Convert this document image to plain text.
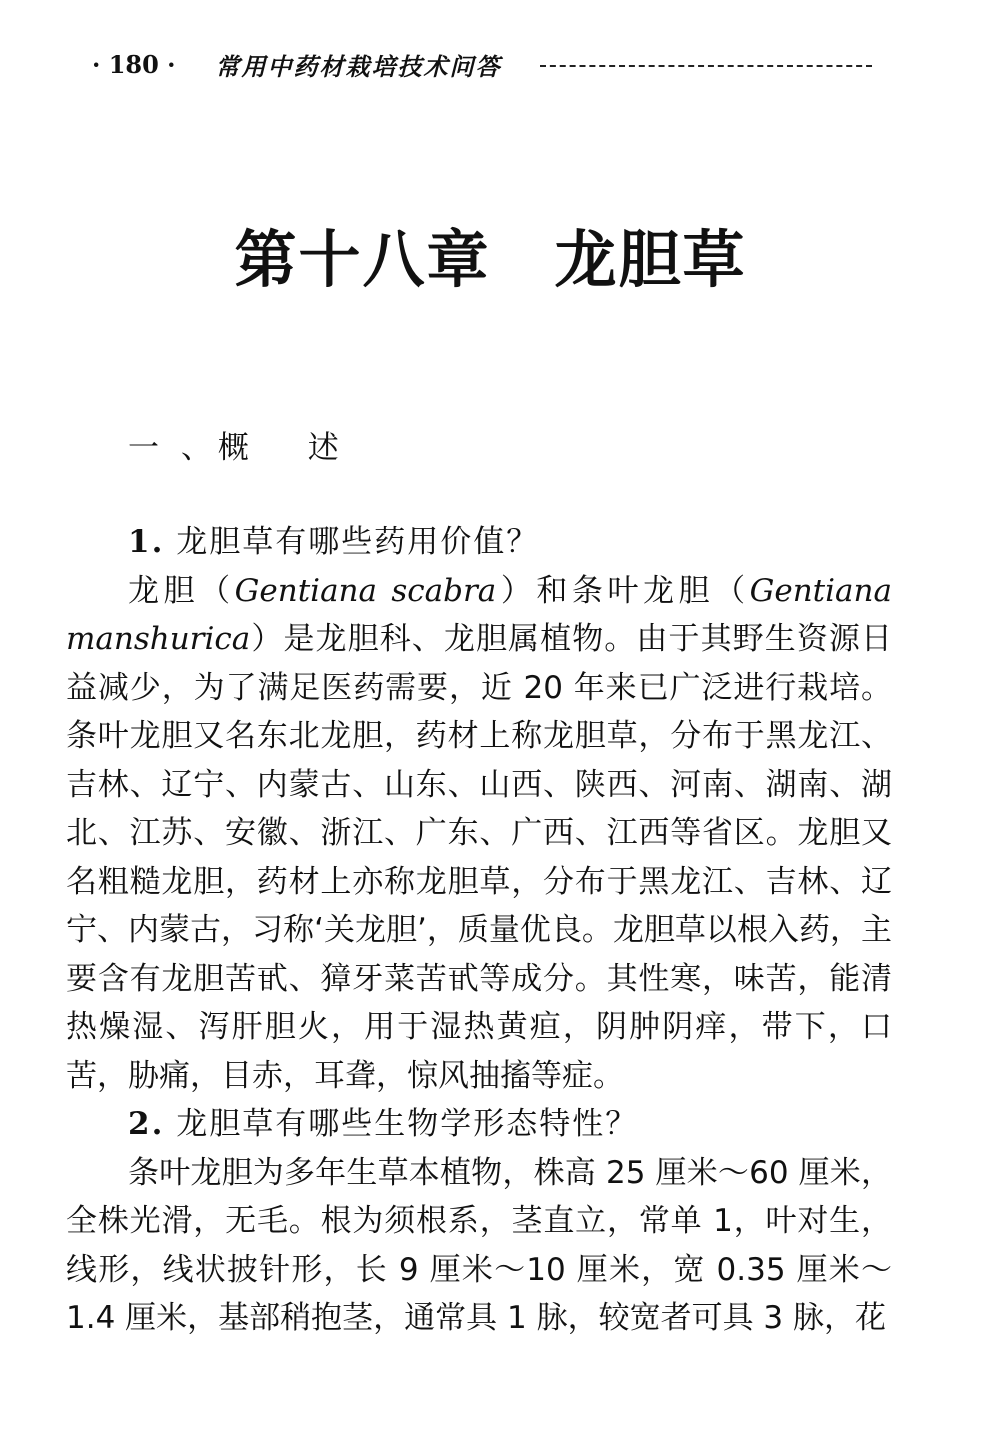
· 180 · 常用中药材栽培技术问答
第十八章　龙胆草
一 、概　 述

1. 龙胆草有哪些药用价值？

龙胆（Gentiana scabra）和条叶龙胆（Gentiana manshurica）是龙胆科、龙胆属植物。由于其野生资源日益减少，为了满足医药需要，近 20 年来已广泛进行栽培。条叶龙胆又名东北龙胆，药材上称龙胆草，分布于黑龙江、吉林、辽宁、内蒙古、山东、山西、陕西、河南、湖南、湖北、江苏、安徽、浙江、广东、广西、江西等省区。龙胆又名粗糙龙胆，药材上亦称龙胆草，分布于黑龙江、吉林、辽宁、内蒙古，习称‘关龙胆’，质量优良。龙胆草以根入药，主要含有龙胆苦甙、獐牙菜苦甙等成分。其性寒，味苦，能清热燥湿、泻肝胆火，用于湿热黄疸，阴肿阴痒，带下，口苦，胁痛，目赤，耳聋，惊风抽搐等症。

2. 龙胆草有哪些生物学形态特性？

条叶龙胆为多年生草本植物，株高 25 厘米～60 厘米，全株光滑，无毛。根为须根系，茎直立，常单 1，叶对生，线形，线状披针形，长 9 厘米～10 厘米，宽 0.35 厘米～1.4 厘米，基部稍抱茎，通常具 1 脉，较宽者可具 3 脉，花
